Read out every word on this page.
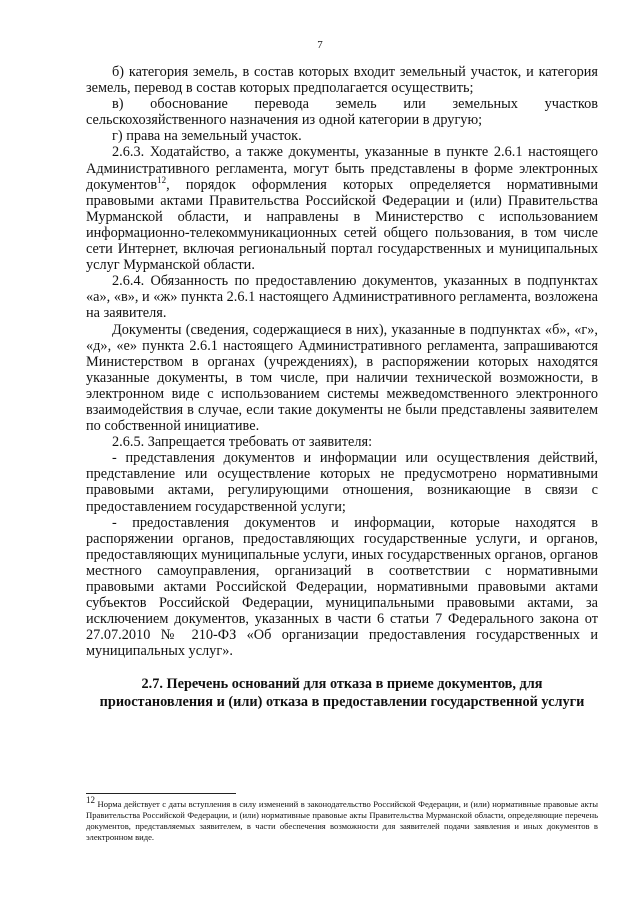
7

б) категория земель, в состав которых входит земельный участок, и категория земель, перевод в состав которых предполагается осуществить;

в) обоснование перевода земель или земельных участков сельскохозяйственного назначения из одной категории в другую;

г) права на земельный участок.

2.6.3. Ходатайство, а также документы, указанные в пункте 2.6.1 настоящего Административного регламента, могут быть представлены в форме электронных документов$^{12}$, порядок оформления которых определяется нормативными правовыми актами Правительства Российской Федерации и (или) Правительства Мурманской области, и направлены в Министерство с использованием информационно-телекоммуникационных сетей общего пользования, в том числе сети Интернет, включая региональный портал государственных и муниципальных услуг Мурманской области.

2.6.4. Обязанность по предоставлению документов, указанных в подпунктах «а», «в», и «ж» пункта 2.6.1 настоящего Административного регламента, возложена на заявителя.

Документы (сведения, содержащиеся в них), указанные в подпунктах «б», «г», «д», «е» пункта 2.6.1 настоящего Административного регламента, запрашиваются Министерством в органах (учреждениях), в распоряжении которых находятся указанные документы, в том числе, при наличии технической возможности, в электронном виде с использованием системы межведомственного электронного взаимодействия в случае, если такие документы не были представлены заявителем по собственной инициативе.

2.6.5. Запрещается требовать от заявителя:

- представления документов и информации или осуществления действий, представление или осуществление которых не предусмотрено нормативными правовыми актами, регулирующими отношения, возникающие в связи с предоставлением государственной услуги;

- предоставления документов и информации, которые находятся в распоряжении органов, предоставляющих государственные услуги, и органов, предоставляющих муниципальные услуги, иных государственных органов, органов местного самоуправления, организаций в соответствии с нормативными правовыми актами Российской Федерации, нормативными правовыми актами субъектов Российской Федерации, муниципальными правовыми актами, за исключением документов, указанных в части 6 статьи 7 Федерального закона от 27.07.2010 № 210-ФЗ «Об организации предоставления государственных и муниципальных услуг».

2.7. Перечень оснований для отказа в приеме документов, для приостановления и (или) отказа в предоставлении государственной услуги

$^{12}$ Норма действует с даты вступления в силу изменений в законодательство Российской Федерации, и (или) нормативные правовые акты Правительства Российской Федерации, и (или) нормативные правовые акты Правительства Мурманской области, определяющие перечень документов, представляемых заявителем, в части обеспечения возможности для заявителей подачи заявления и иных документов в электронном виде.
